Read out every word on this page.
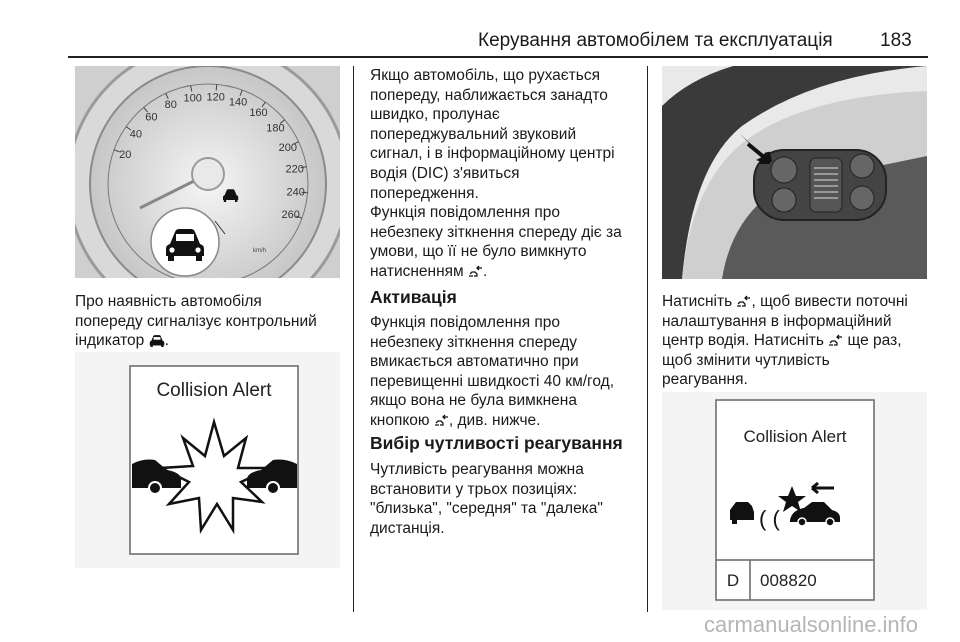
Керування автомобілем та експлуатація 183
20
40
60
80
100 120 140
160
180
200
220
240
260
km/h
Про наявність автомобіля
попереду сигналізує контрольний
індикатор .
Collision Alert
Якщо автомобіль, що рухається
попереду, наближається занадто
швидко, пролунає
попереджувальний звуковий
сигнал, і в інформаційному центрі
водія (DIC) з'явиться
попередження.
Функція повідомлення про
небезпеку зіткнення спереду діє за
умови, що її не було вимкнуто
натисненням .
Активація
Функція повідомлення про
небезпеку зіткнення спереду
вмикається автоматично при
перевищенні швидкості 40 км/год,
якщо вона не була вимкнена
кнопкою , див. нижче.
Вибір чутливості реагування
Чутливість реагування можна
встановити у трьох позиціях:
"близька", "середня" та "далека"
дистанція.
Натисніть , щоб вивести поточні
налаштування в інформаційний
центр водія. Натисніть ще раз,
щоб змінити чутливість
реагування.
Collision Alert
( (
D 008820
carmanualsonline.info
